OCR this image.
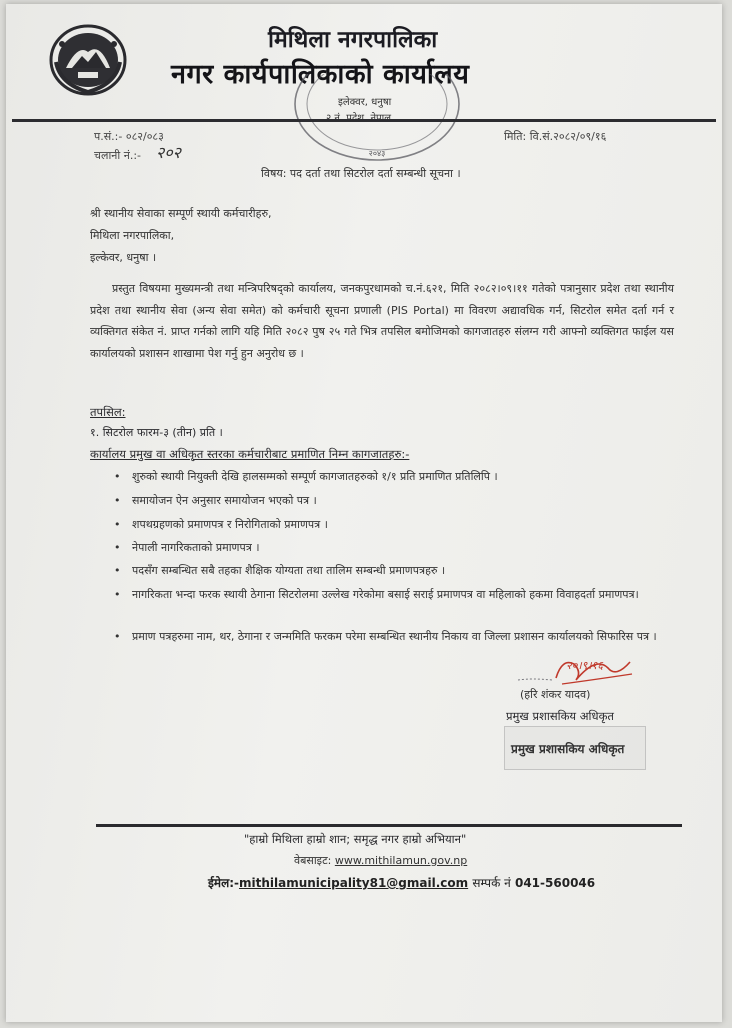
मिथिला नगरपालिका
नगर कार्यपालिकाको कार्यालय
२०४३
इलेक्वर, धनुषा
प.सं.:- ०८२/०८३
चलानी नं.:- २०२
मिति: वि.सं.२०८२/०९/१६
विषय: पद दर्ता तथा सिटरोल दर्ता सम्बन्धी सूचना ।
श्री स्थानीय सेवाका सम्पूर्ण स्थायी कर्मचारीहरु,
मिथिला नगरपालिका,
इल्केवर, धनुषा ।
प्रस्तुत विषयमा मुख्यमन्त्री तथा मन्त्रिपरिषद्को कार्यालय, जनकपुरधामको च.नं.६२१, मिति २०८२।०९।११ गतेको पत्रानुसार प्रदेश तथा स्थानीय प्रदेश तथा स्थानीय सेवा (अन्य सेवा समेत) को कर्मचारी सूचना प्रणाली (PIS Portal) मा विवरण अद्यावधिक गर्न, सिटरोल समेत दर्ता गर्न र व्यक्तिगत संकेत नं. प्राप्त गर्नको लागि यहि मिति २०८२ पुष २५ गते भित्र तपसिल बमोजिमको कागजातहरु संलग्न गरी आफ्नो व्यक्तिगत फाईल यस कार्यालयको प्रशासन शाखामा पेश गर्नु हुन अनुरोध छ ।
तपसिल:
१. सिटरोल फारम-३ (तीन) प्रति ।
कार्यालय प्रमुख वा अधिकृत स्तरका कर्मचारीबाट प्रमाणित निम्न कागजातहरु:-
• शुरुको स्थायी नियुक्ती देखि हालसम्मको सम्पूर्ण कागजातहरुको १/१ प्रति प्रमाणित प्रतिलिपि ।
• समायोजन ऐन अनुसार समायोजन भएको पत्र ।
• शपथग्रहणको प्रमाणपत्र र निरोगिताको प्रमाणपत्र ।
• नेपाली नागरिकताको प्रमाणपत्र ।
• पदसँग सम्बन्धित सबै तहका शैक्षिक योग्यता तथा तालिम सम्बन्धी प्रमाणपत्रहरु ।
• नागरिकता भन्दा फरक स्थायी ठेगाना सिटरोलमा उल्लेख गरेकोमा बसाई सराई प्रमाणपत्र वा महिलाको हकमा विवाहदर्ता प्रमाणपत्र।
• प्रमाण पत्रहरुमा नाम, थर, ठेगाना र जन्ममिति फरकम परेमा सम्बन्धित स्थानीय निकाय वा जिल्ला प्रशासन कार्यालयको सिफारिस पत्र ।
२०।९।१६
(हरि शंकर यादव)
प्रमुख प्रशासकिय अधिकृत
प्रमुख प्रशासकिय अधिकृत
"हाम्रो मिथिला हाम्रो शान; समृद्ध नगर हाम्रो अभियान"
वेबसाइट: www.mithilamun.gov.np
ईमेल:-mithilamunicipality81@gmail.com सम्पर्क नं 041-560046
